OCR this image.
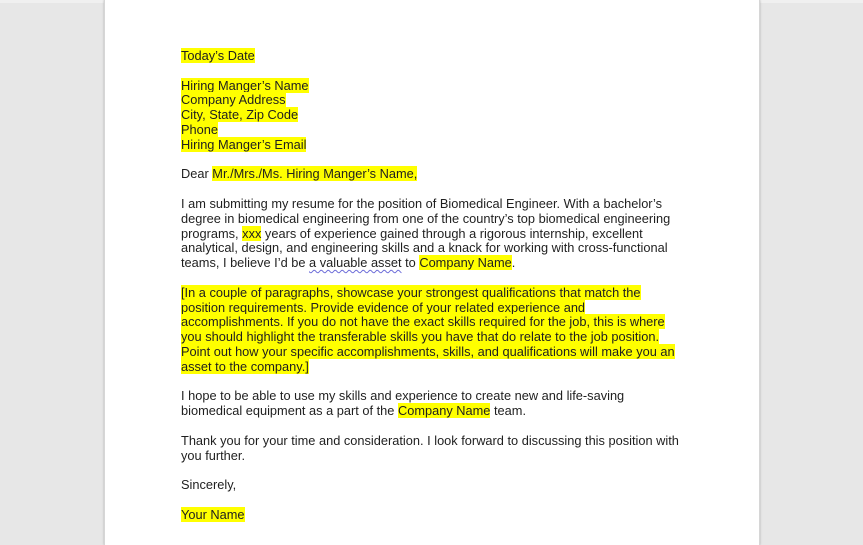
Today’s Date
Hiring Manger’s Name
Company Address
City, State, Zip Code
Phone
Hiring Manger’s Email
Dear Mr./Mrs./Ms. Hiring Manger’s Name,
I am submitting my resume for the position of Biomedical Engineer. With a bachelor’s
degree in biomedical engineering from one of the country’s top biomedical engineering
programs, xxx years of experience gained through a rigorous internship, excellent
analytical, design, and engineering skills and a knack for working with cross-functional
teams, I believe I’d be a valuable asset to Company Name.
[In a couple of paragraphs, showcase your strongest qualifications that match the
position requirements. Provide evidence of your related experience and
accomplishments. If you do not have the exact skills required for the job, this is where
you should highlight the transferable skills you have that do relate to the job position.
Point out how your specific accomplishments, skills, and qualifications will make you an
asset to the company.]
I hope to be able to use my skills and experience to create new and life-saving
biomedical equipment as a part of the Company Name team.
Thank you for your time and consideration. I look forward to discussing this position with
you further.
Sincerely,
Your Name
